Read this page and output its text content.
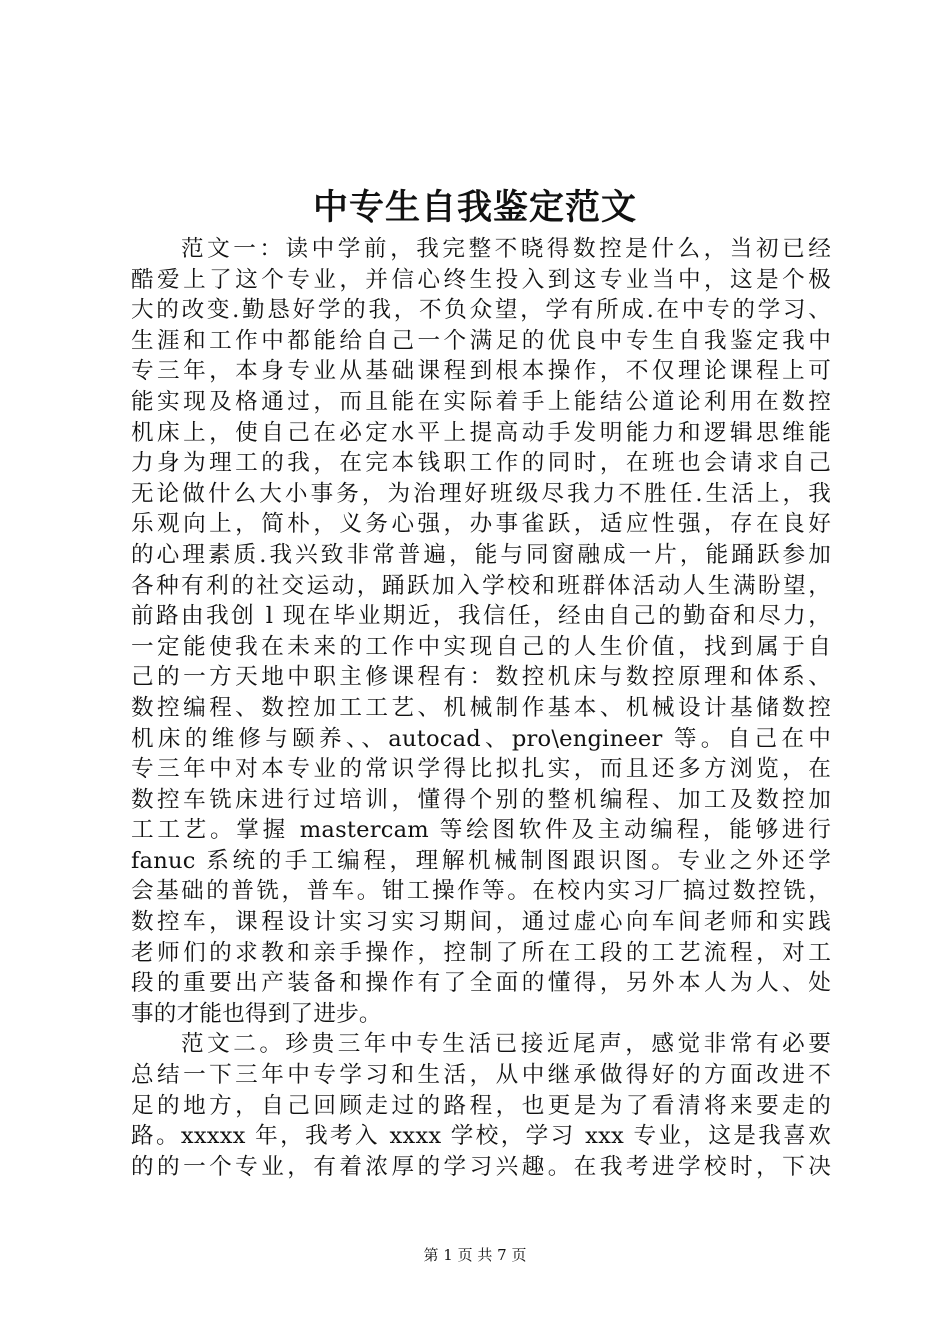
中专生自我鉴定范文
范文一：读中学前，我完整不晓得数控是什么，当初已经
酷爱上了这个专业，并信心终生投入到这专业当中，这是个极
大的改变.勤恳好学的我，不负众望，学有所成.在中专的学习、
生涯和工作中都能给自己一个满足的优良中专生自我鉴定我中
专三年，本身专业从基础课程到根本操作，不仅理论课程上可
能实现及格通过，而且能在实际着手上能结公道论利用在数控
机床上，使自己在必定水平上提高动手发明能力和逻辑思维能
力身为理工的我，在完本钱职工作的同时，在班也会请求自己
无论做什么大小事务，为治理好班级尽我力不胜任.生活上，我
乐观向上，简朴，义务心强，办事雀跃，适应性强，存在良好
的心理素质.我兴致非常普遍，能与同窗融成一片，能踊跃参加
各种有利的社交运动，踊跃加入学校和班群体活动人生满盼望，
前路由我创 l 现在毕业期近，我信任，经由自己的勤奋和尽力，
一定能使我在未来的工作中实现自己的人生价值，找到属于自
己的一方天地中职主修课程有：数控机床与数控原理和体系、
数控编程、数控加工工艺、机械制作基本、机械设计基储数控
机床的维修与颐养、、autocad、pro\engineer 等。自己在中
专三年中对本专业的常识学得比拟扎实，而且还多方浏览，在
数控车铣床进行过培训，懂得个别的整机编程、加工及数控加
工工艺。掌握 mastercam 等绘图软件及主动编程，能够进行
fanuc 系统的手工编程，理解机械制图跟识图。专业之外还学
会基础的普铣，普车。钳工操作等。在校内实习厂搞过数控铣，
数控车，课程设计实习实习期间，通过虚心向车间老师和实践
老师们的求教和亲手操作，控制了所在工段的工艺流程，对工
段的重要出产装备和操作有了全面的懂得，另外本人为人、处
事的才能也得到了进步。
范文二。珍贵三年中专生活已接近尾声，感觉非常有必要
总结一下三年中专学习和生活，从中继承做得好的方面改进不
足的地方，自己回顾走过的路程，也更是为了看清将来要走的
路。xxxxx 年，我考入 xxxx 学校，学习 xxx 专业，这是我喜欢
的的一个专业，有着浓厚的学习兴趣。在我考进学校时，下决
第 1 页 共 7 页
